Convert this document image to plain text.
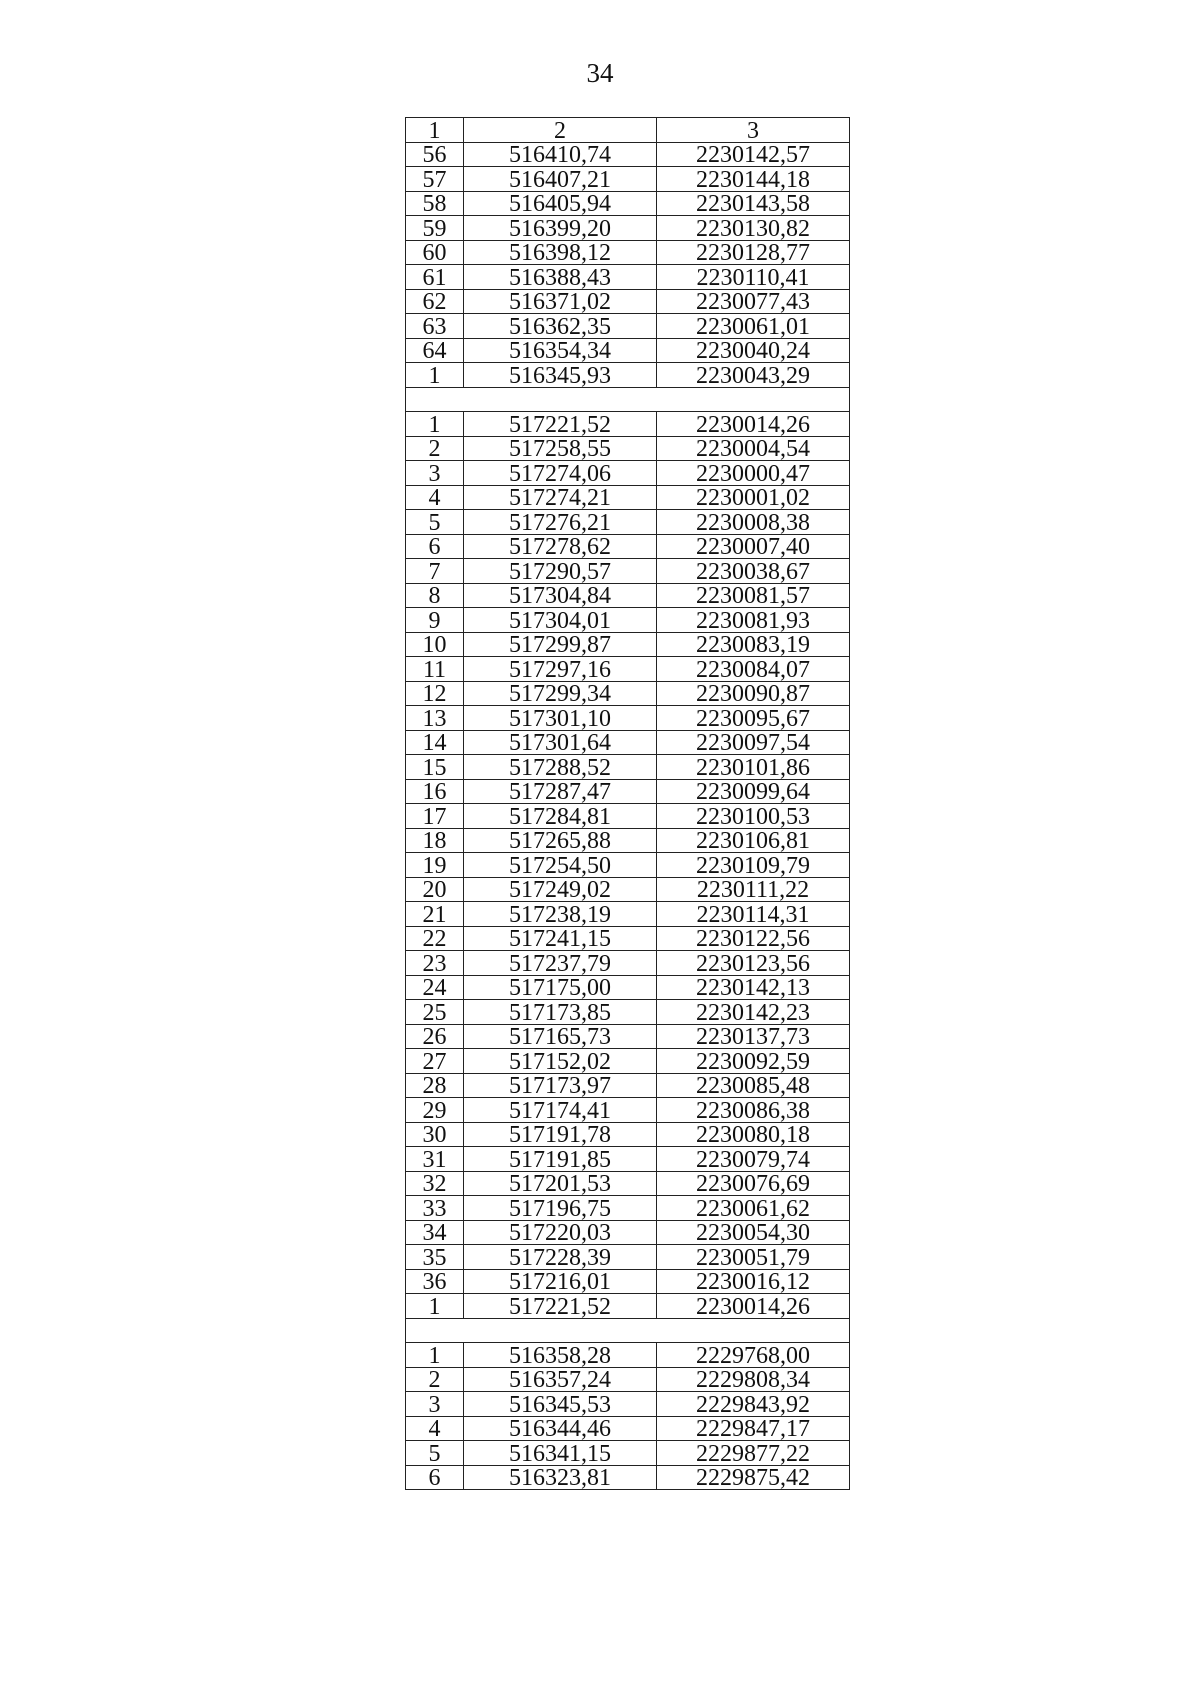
34
1	2	3
56	516410,74	2230142,57
57	516407,21	2230144,18
58	516405,94	2230143,58
59	516399,20	2230130,82
60	516398,12	2230128,77
61	516388,43	2230110,41
62	516371,02	2230077,43
63	516362,35	2230061,01
64	516354,34	2230040,24
1	516345,93	2230043,29

1	517221,52	2230014,26
2	517258,55	2230004,54
3	517274,06	2230000,47
4	517274,21	2230001,02
5	517276,21	2230008,38
6	517278,62	2230007,40
7	517290,57	2230038,67
8	517304,84	2230081,57
9	517304,01	2230081,93
10	517299,87	2230083,19
11	517297,16	2230084,07
12	517299,34	2230090,87
13	517301,10	2230095,67
14	517301,64	2230097,54
15	517288,52	2230101,86
16	517287,47	2230099,64
17	517284,81	2230100,53
18	517265,88	2230106,81
19	517254,50	2230109,79
20	517249,02	2230111,22
21	517238,19	2230114,31
22	517241,15	2230122,56
23	517237,79	2230123,56
24	517175,00	2230142,13
25	517173,85	2230142,23
26	517165,73	2230137,73
27	517152,02	2230092,59
28	517173,97	2230085,48
29	517174,41	2230086,38
30	517191,78	2230080,18
31	517191,85	2230079,74
32	517201,53	2230076,69
33	517196,75	2230061,62
34	517220,03	2230054,30
35	517228,39	2230051,79
36	517216,01	2230016,12
1	517221,52	2230014,26

1	516358,28	2229768,00
2	516357,24	2229808,34
3	516345,53	2229843,92
4	516344,46	2229847,17
5	516341,15	2229877,22
6	516323,81	2229875,42
